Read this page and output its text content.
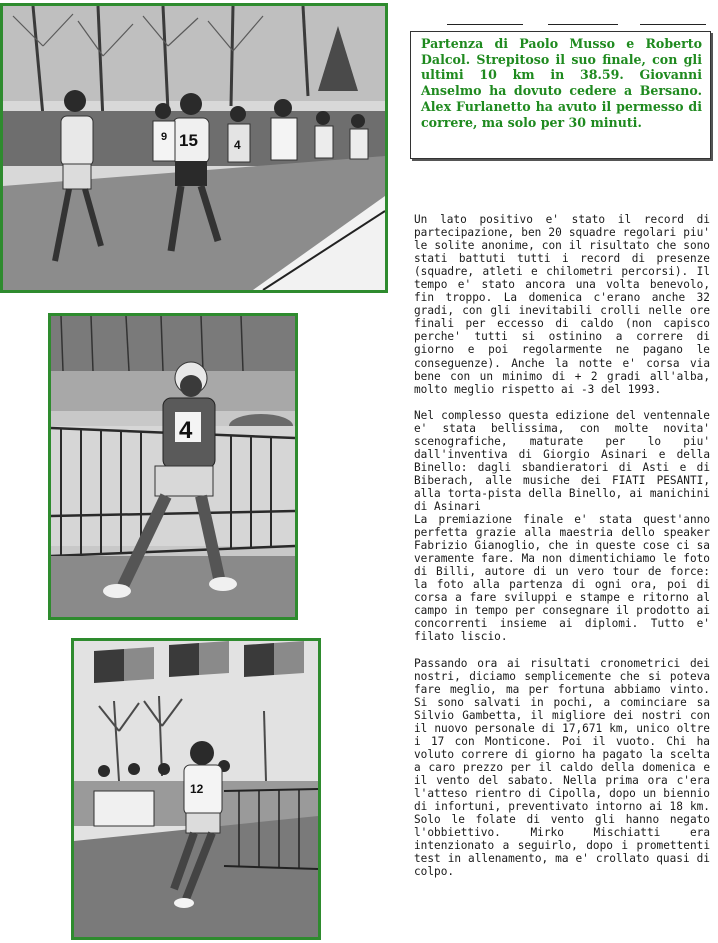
9 15	4
4
12
Partenza di Paolo Musso e Roberto Dalcol. Strepitoso il suo finale, con gli ultimi 10 km in 38.59. Giovanni Anselmo ha dovuto cedere a Bersano. Alex Furlanetto ha avuto il permesso di correre, ma solo per 30 minuti.

Un lato positivo e' stato il record di partecipazione, ben 20 squadre regolari piu' le solite anonime, con il risultato che sono stati battuti tutti i record di presenze (squadre, atleti e chilometri percorsi). Il tempo e' stato ancora una volta benevolo, fin troppo. La domenica c'erano anche 32 gradi, con gli inevitabili crolli nelle ore finali per eccesso di caldo (non capisco perche' tutti si ostinino a correre di giorno e poi regolarmente ne pagano le conseguenze). Anche la notte e' corsa via bene con un minimo di + 2 gradi all'alba, molto meglio rispetto ai -3 del 1993.

Nel complesso questa edizione del ventennale e' stata bellissima, con molte novita' scenografiche, maturate per lo piu' dall'inventiva di Giorgio Asinari e della Binello: dagli sbandieratori di Asti e di Biberach, alle musiche dei FIATI PESANTI, alla torta-pista della Binello, ai manichini di Asinari

La premiazione finale e' stata quest'anno perfetta grazie alla maestria dello speaker Fabrizio Gianoglio, che in queste cose ci sa veramente fare. Ma non dimentichiamo le foto di Billi, autore di un vero tour de force: la foto alla partenza di ogni ora, poi di corsa a fare sviluppi e stampe e ritorno al campo in tempo per consegnare il prodotto ai concorrenti insieme ai diplomi. Tutto e' filato liscio.

Passando ora ai risultati cronometrici dei nostri, diciamo semplicemente che si poteva fare meglio, ma per fortuna abbiamo vinto. Si sono salvati in pochi, a cominciare sa Silvio Gambetta, il migliore dei nostri con il nuovo personale di 17,671 km, unico oltre i 17 con Monticone. Poi il vuoto. Chi ha voluto correre di giorno ha pagato la scelta a caro prezzo per il caldo della domenica e il vento del sabato. Nella prima ora c'era l'atteso rientro di Cipolla, dopo un biennio di infortuni, preventivato intorno ai 18 km. Solo le folate di vento gli hanno negato l'obbiettivo. Mirko Mischiatti era intenzionato a seguirlo, dopo i promettenti test in allenamento, ma e' crollato quasi di colpo.
